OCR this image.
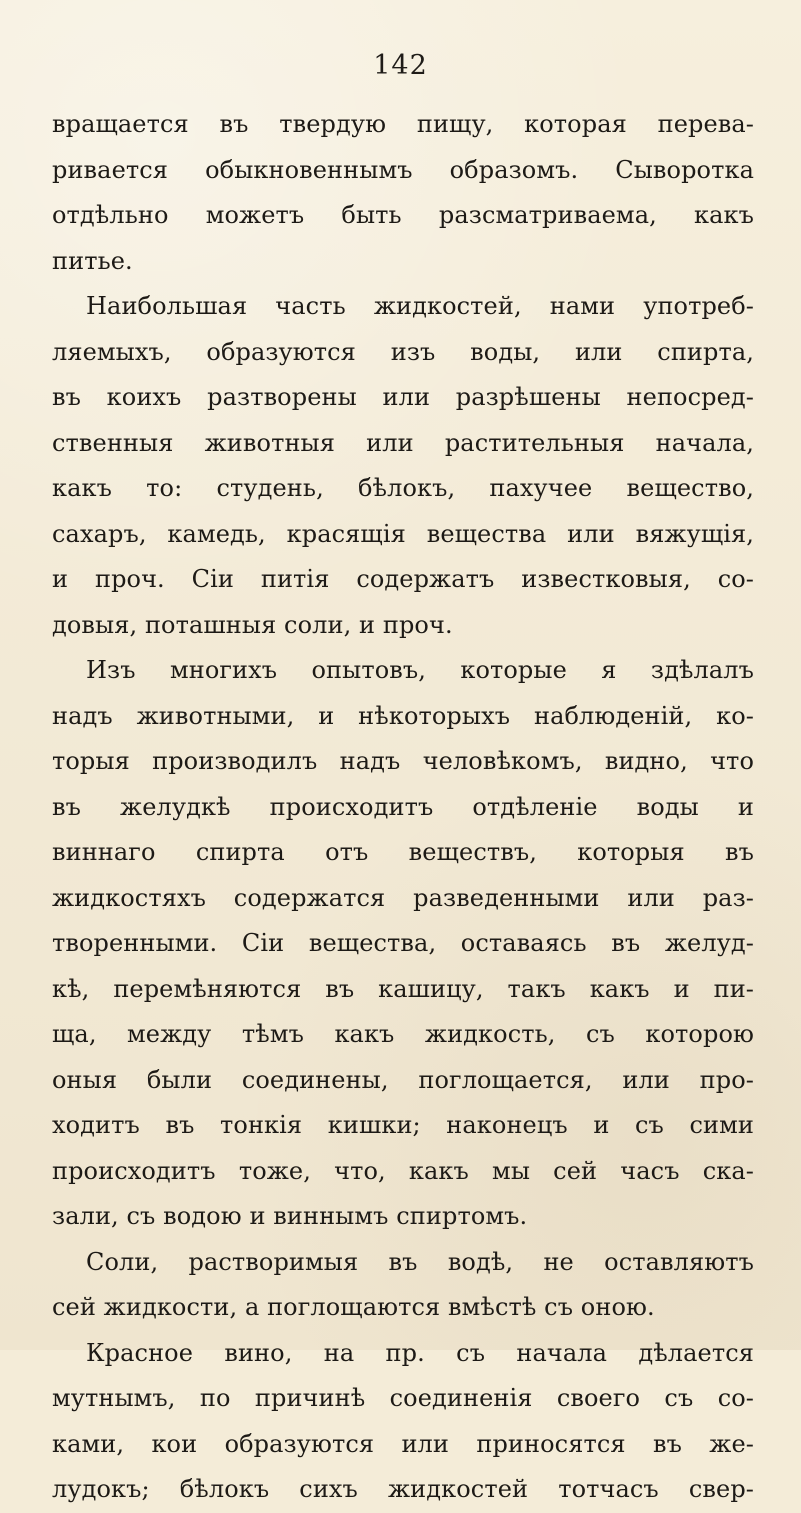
142
вращается въ твердую пищу, которая перева-
ривается обыкновеннымъ образомъ. Сыворотка
отдѣльно можетъ быть разсматриваема, какъ
питье.
Наибольшая часть жидкостей, нами употреб-
ляемыхъ, образуются изъ воды, или спирта,
въ коихъ разтворены или разрѣшены непосред-
ственныя животныя или растительныя начала,
какъ то: студень, бѣлокъ, пахучее вещество,
сахаръ, камедь, красящія вещества или вяжущія,
и проч. Сіи питія содержатъ известковыя, со-
довыя, поташныя соли, и проч.
Изъ многихъ опытовъ, которые я здѣлалъ
надъ животными, и нѣкоторыхъ наблюденій, ко-
торыя производилъ надъ человѣкомъ, видно, что
въ желудкѣ происходитъ отдѣленіе воды и
виннаго спирта отъ веществъ, которыя въ
жидкостяхъ содержатся разведенными или раз-
творенными. Сіи вещества, оставаясь въ желуд-
кѣ, перемѣняются въ кашицу, такъ какъ и пи-
ща, между тѣмъ какъ жидкость, съ которою
оныя были соединены, поглощается, или про-
ходитъ въ тонкія кишки; наконецъ и съ сими
происходитъ тоже, что, какъ мы сей часъ ска-
зали, съ водою и виннымъ спиртомъ.
Соли, растворимыя въ водѣ, не оставляютъ
сей жидкости, а поглощаются вмѣстѣ съ оною.
Красное вино, на пр. съ начала дѣлается
мутнымъ, по причинѣ соединенія своего съ со-
ками, кои образуются или приносятся въ же-
лудокъ; бѣлокъ сихъ жидкостей тотчасъ свер-
